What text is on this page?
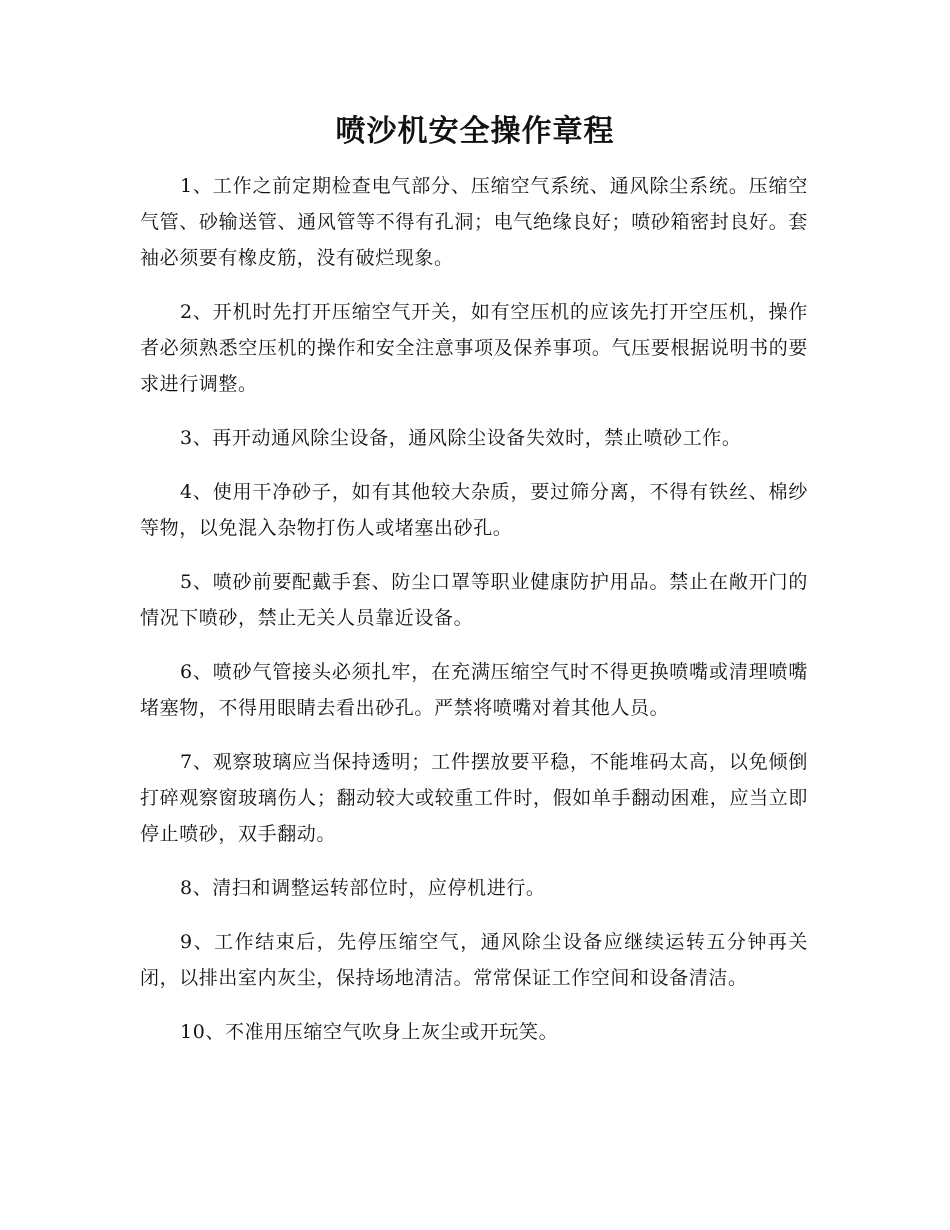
喷沙机安全操作章程

1、工作之前定期检查电气部分、压缩空气系统、通风除尘系统。压缩空气管、砂输送管、通风管等不得有孔洞；电气绝缘良好；喷砂箱密封良好。套袖必须要有橡皮筋，没有破烂现象。

2、开机时先打开压缩空气开关，如有空压机的应该先打开空压机，操作者必须熟悉空压机的操作和安全注意事项及保养事项。气压要根据说明书的要求进行调整。

3、再开动通风除尘设备，通风除尘设备失效时，禁止喷砂工作。

4、使用干净砂子，如有其他较大杂质，要过筛分离，不得有铁丝、棉纱等物，以免混入杂物打伤人或堵塞出砂孔。

5、喷砂前要配戴手套、防尘口罩等职业健康防护用品。禁止在敞开门的情况下喷砂，禁止无关人员靠近设备。

6、喷砂气管接头必须扎牢，在充满压缩空气时不得更换喷嘴或清理喷嘴堵塞物，不得用眼睛去看出砂孔。严禁将喷嘴对着其他人员。

7、观察玻璃应当保持透明；工件摆放要平稳，不能堆码太高，以免倾倒打碎观察窗玻璃伤人；翻动较大或较重工件时，假如单手翻动困难，应当立即停止喷砂，双手翻动。

8、清扫和调整运转部位时，应停机进行。

9、工作结束后，先停压缩空气，通风除尘设备应继续运转五分钟再关闭，以排出室内灰尘，保持场地清洁。常常保证工作空间和设备清洁。

10、不准用压缩空气吹身上灰尘或开玩笑。
